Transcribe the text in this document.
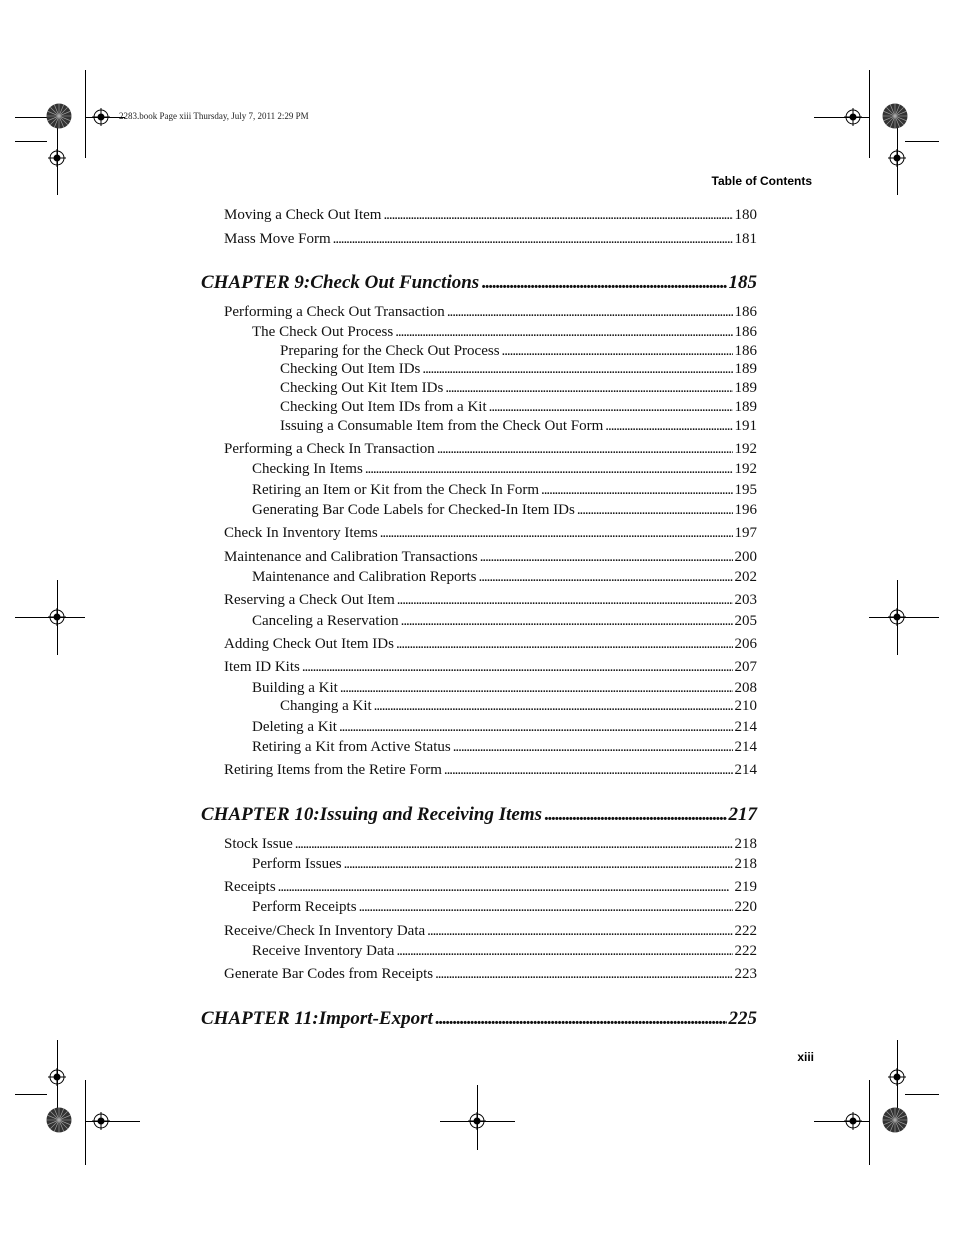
2283.book Page xiii Thursday, July 7, 2011 2:29 PM
Table of Contents
Moving a Check Out Item . . .	180
Mass Move Form . . .	181
CHAPTER 9: Check Out Functions . . .	185
Performing a Check Out Transaction . . .	186
The Check Out Process . . .	186
Preparing for the Check Out Process . . .	186
Checking Out Item IDs . . .	189
Checking Out Kit Item IDs . . .	189
Checking Out Item IDs from a Kit . . .	189
Issuing a Consumable Item from the Check Out Form . . .	191
Performing a Check In Transaction . . .	192
Checking In Items . . .	192
Retiring an Item or Kit from the Check In Form . . .	195
Generating Bar Code Labels for Checked-In Item IDs . . .	196
Check In Inventory Items . . .	197
Maintenance and Calibration Transactions . . .	200
Maintenance and Calibration Reports . . .	202
Reserving a Check Out Item . . .	203
Canceling a Reservation . . .	205
Adding Check Out Item IDs . . .	206
Item ID Kits . . .	207
Building a Kit . . .	208
Changing a Kit . . .	210
Deleting a Kit . . .	214
Retiring a Kit from Active Status . . .	214
Retiring Items from the Retire Form . . .	214
CHAPTER 10: Issuing and Receiving Items . . .	217
Stock Issue . . .	218
Perform Issues . . .	218
Receipts . . .	219
Perform Receipts . . .	220
Receive/Check In Inventory Data . . .	222
Receive Inventory Data . . .	222
Generate Bar Codes from Receipts . . .	223
CHAPTER 11: Import-Export . . .	225
xiii
